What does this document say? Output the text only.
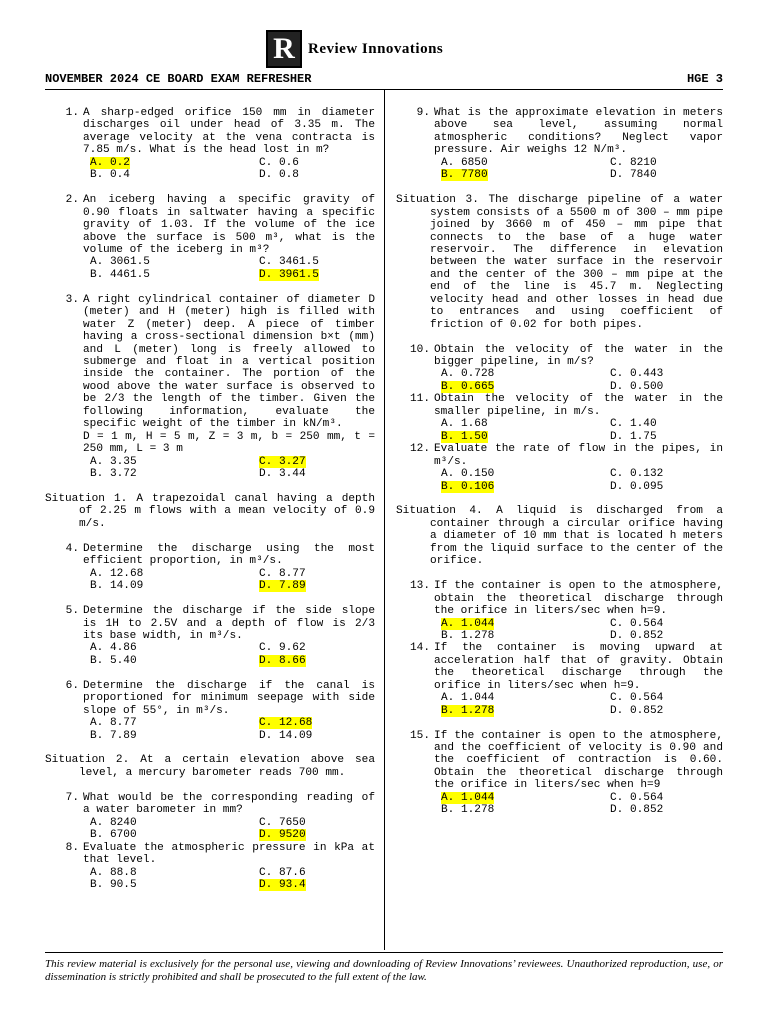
R Review Innovations
NOVEMBER 2024 CE BOARD EXAM REFRESHER	HGE 3
1. A sharp-edged orifice 150 mm in diameter discharges oil under head of 3.35 m. The average velocity at the vena contracta is 7.85 m/s. What is the head lost in m?
A. 0.2	C. 0.6
B. 0.4	D. 0.8
2. An iceberg having a specific gravity of 0.90 floats in saltwater having a specific gravity of 1.03. If the volume of the ice above the surface is 500 m³, what is the volume of the iceberg in m³?
A. 3061.5	C. 3461.5
B. 4461.5	D. 3961.5
3. A right cylindrical container of diameter D (meter) and H (meter) high is filled with water Z (meter) deep. A piece of timber having a cross-sectional dimension b×t (mm) and L (meter) long is freely allowed to submerge and float in a vertical position inside the container. The portion of the wood above the water surface is observed to be 2/3 the length of the timber. Given the following information, evaluate the specific weight of the timber in kN/m³.
D = 1 m, H = 5 m, Z = 3 m, b = 250 mm, t = 250 mm, L = 3 m
A. 3.35	C. 3.27
B. 3.72	D. 3.44
Situation 1. A trapezoidal canal having a depth of 2.25 m flows with a mean velocity of 0.9 m/s.
4. Determine the discharge using the most efficient proportion, in m³/s.
A. 12.68	C. 8.77
B. 14.09	D. 7.89
5. Determine the discharge if the side slope is 1H to 2.5V and a depth of flow is 2/3 its base width, in m³/s.
A. 4.86	C. 9.62
B. 5.40	D. 8.66
6. Determine the discharge if the canal is proportioned for minimum seepage with side slope of 55°, in m³/s.
A. 8.77	C. 12.68
B. 7.89	D. 14.09
Situation 2. At a certain elevation above sea level, a mercury barometer reads 700 mm.
7. What would be the corresponding reading of a water barometer in mm?
A. 8240	C. 7650
B. 6700	D. 9520
8. Evaluate the atmospheric pressure in kPa at that level.
A. 88.8	C. 87.6
B. 90.5	D. 93.4
9. What is the approximate elevation in meters above sea level, assuming normal atmospheric conditions? Neglect vapor pressure. Air weighs 12 N/m³.
A. 6850	C. 8210
B. 7780	D. 7840
Situation 3. The discharge pipeline of a water system consists of a 5500 m of 300 – mm pipe joined by 3660 m of 450 – mm pipe that connects to the base of a huge water reservoir. The difference in elevation between the water surface in the reservoir and the center of the 300 – mm pipe at the end of the line is 45.7 m. Neglecting velocity head and other losses in head due to entrances and using coefficient of friction of 0.02 for both pipes.
10. Obtain the velocity of the water in the bigger pipeline, in m/s?
A. 0.728	C. 0.443
B. 0.665	D. 0.500
11. Obtain the velocity of the water in the smaller pipeline, in m/s.
A. 1.68	C. 1.40
B. 1.50	D. 1.75
12. Evaluate the rate of flow in the pipes, in m³/s.
A. 0.150	C. 0.132
B. 0.106	D. 0.095
Situation 4. A liquid is discharged from a container through a circular orifice having a diameter of 10 mm that is located h meters from the liquid surface to the center of the orifice.
13. If the container is open to the atmosphere, obtain the theoretical discharge through the orifice in liters/sec when h=9.
A. 1.044	C. 0.564
B. 1.278	D. 0.852
14. If the container is moving upward at acceleration half that of gravity. Obtain the theoretical discharge through the orifice in liters/sec when h=9.
A. 1.044	C. 0.564
B. 1.278	D. 0.852
15. If the container is open to the atmosphere, and the coefficient of velocity is 0.90 and the coefficient of contraction is 0.60. Obtain the theoretical discharge through the orifice in liters/sec when h=9
A. 1.044	C. 0.564
B. 1.278	D. 0.852
This review material is exclusively for the personal use, viewing and downloading of Review Innovations’ reviewees. Unauthorized reproduction, use, or dissemination is strictly prohibited and shall be prosecuted to the full extent of the law.
